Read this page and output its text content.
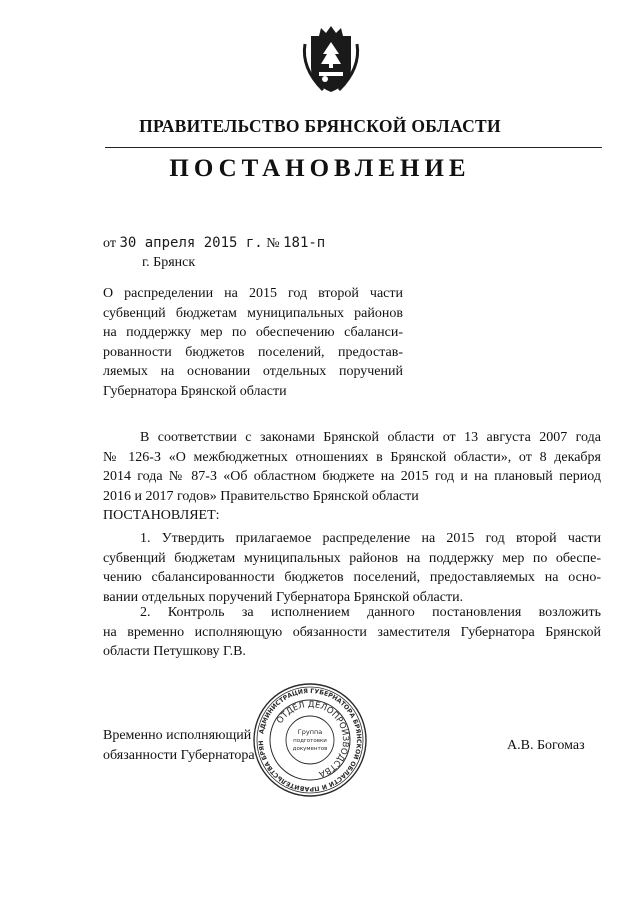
ПРАВИТЕЛЬСТВО БРЯНСКОЙ ОБЛАСТИ
ПОСТАНОВЛЕНИЕ
от 30 апреля 2015 г. № 181-п
г. Брянск
О распределении на 2015 год второй части
субвенций бюджетам муниципальных районов
на поддержку мер по обеспечению сбаланси-
рованности бюджетов поселений, предостав-
ляемых на основании отдельных поручений
Губернатора Брянской области
В соответствии с законами Брянской области от 13 августа 2007 года
№ 126-З «О межбюджетных отношениях в Брянской области», от 8 декабря
2014 года № 87-З «Об областном бюджете на 2015 год и на плановый период
2016 и 2017 годов» Правительство Брянской области
ПОСТАНОВЛЯЕТ:
1. Утвердить прилагаемое распределение на 2015 год второй части
субвенций бюджетам муниципальных районов на поддержку мер по обеспе-
чению сбалансированности бюджетов поселений, предоставляемых на осно-
вании отдельных поручений Губернатора Брянской области.
2. Контроль за исполнением данного постановления возложить
на временно исполняющую обязанности заместителя Губернатора Брянской
области Петушкову Г.В.
Временно исполняющий
обязанности Губернатора
А.В. Богомаз
АДМИНИСТРАЦИЯ ГУБЕРНАТОРА БРЯНСКОЙ ОБЛАСТИ И ПРАВИТЕЛЬСТВА БРЯН
ОТДЕЛ ДЕЛОПРОИЗВОДСТВА
Группа
подготовки
документов
